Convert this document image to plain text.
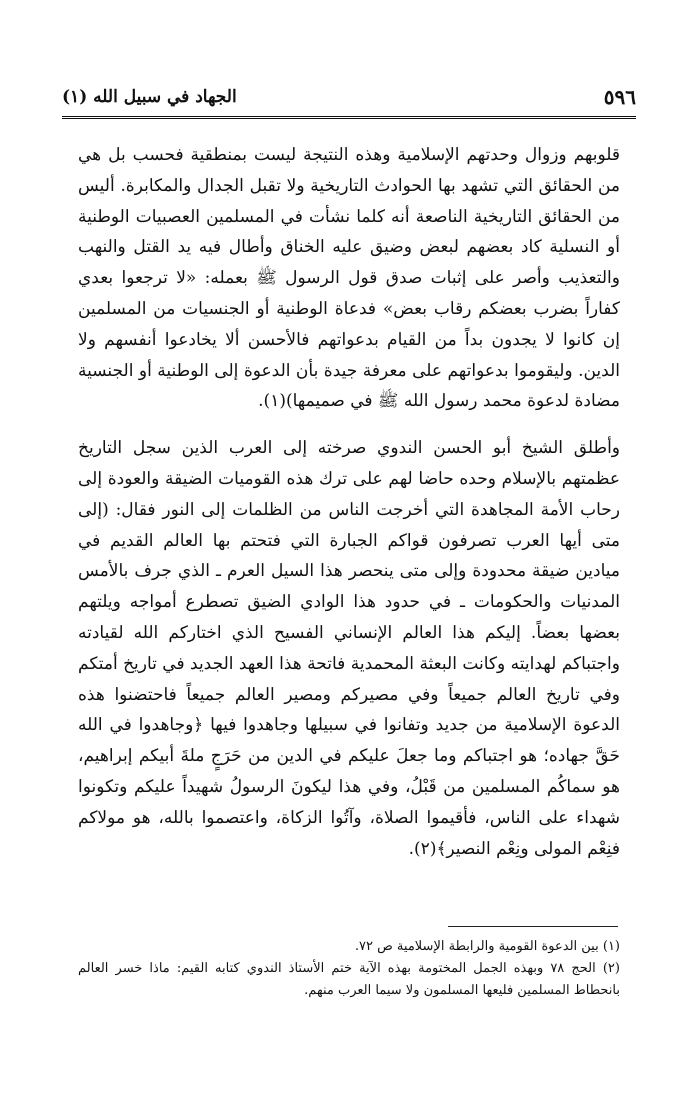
٥٩٦
الجهاد في سبيل الله (١)

قلوبهم وزوال وحدتهم الإسلامية وهذه النتيجة ليست بمنطقية فحسب بل هي من الحقائق التي تشهد بها الحوادث التاريخية ولا تقبل الجدال والمكابرة. أليس من الحقائق التاريخية الناصعة أنه كلما نشأت في المسلمين العصبيات الوطنية أو النسلية كاد بعضهم لبعض وضيق عليه الخناق وأطال فيه يد القتل والنهب والتعذيب وأصر على إثبات صدق قول الرسول ﷺ بعمله: «لا ترجعوا بعدي كفاراً بضرب بعضكم رقاب بعض» فدعاة الوطنية أو الجنسيات من المسلمين إن كانوا لا يجدون بداً من القيام بدعواتهم فالأحسن ألا يخادعوا أنفسهم ولا الدين. وليقوموا بدعواتهم على معرفة جيدة بأن الدعوة إلى الوطنية أو الجنسية مضادة لدعوة محمد رسول الله ﷺ في صميمها)(١).

وأطلق الشيخ أبو الحسن الندوي صرخته إلى العرب الذين سجل التاريخ عظمتهم بالإسلام وحده حاضا لهم على ترك هذه القوميات الضيقة والعودة إلى رحاب الأمة المجاهدة التي أخرجت الناس من الظلمات إلى النور فقال: (إلى متى أيها العرب تصرفون قواكم الجبارة التي فتحتم بها العالم القديم في ميادين ضيقة محدودة وإلى متى ينحصر هذا السيل العرم ـ الذي جرف بالأمس المدنيات والحكومات ـ في حدود هذا الوادي الضيق تصطرع أمواجه ويلتهم بعضها بعضاً. إليكم هذا العالم الإنساني الفسيح الذي اختاركم الله لقيادته واجتباكم لهدايته وكانت البعثة المحمدية فاتحة هذا العهد الجديد في تاريخ أمتكم وفي تاريخ العالم جميعاً وفي مصيركم ومصير العالم جميعاً فاحتضنوا هذه الدعوة الإسلامية من جديد وتفانوا في سبيلها وجاهدوا فيها ﴿وجاهدوا في الله حَقَّ جهاده؛ هو اجتباكم وما جعلَ عليكم في الدين من حَرَجٍ ملةَ أبيكم إبراهيم، هو سماكُم المسلمين من قَبْلُ، وفي هذا ليكونَ الرسولُ شهيداً عليكم وتكونوا شهداء على الناس، فأقيموا الصلاة، وآتُوا الزكاة، واعتصموا بالله، هو مولاكم فنِعْم المولى ونِعْم النصير﴾(٢).

(١) بين الدعوة القومية والرابطة الإسلامية ص ٧٢.

(٢) الحج ٧٨ وبهذه الجمل المختومة بهذه الآية ختم الأستاذ الندوي كتابه القيم: ماذا خسر العالم بانحطاط المسلمين فليعها المسلمون ولا سيما العرب منهم.
